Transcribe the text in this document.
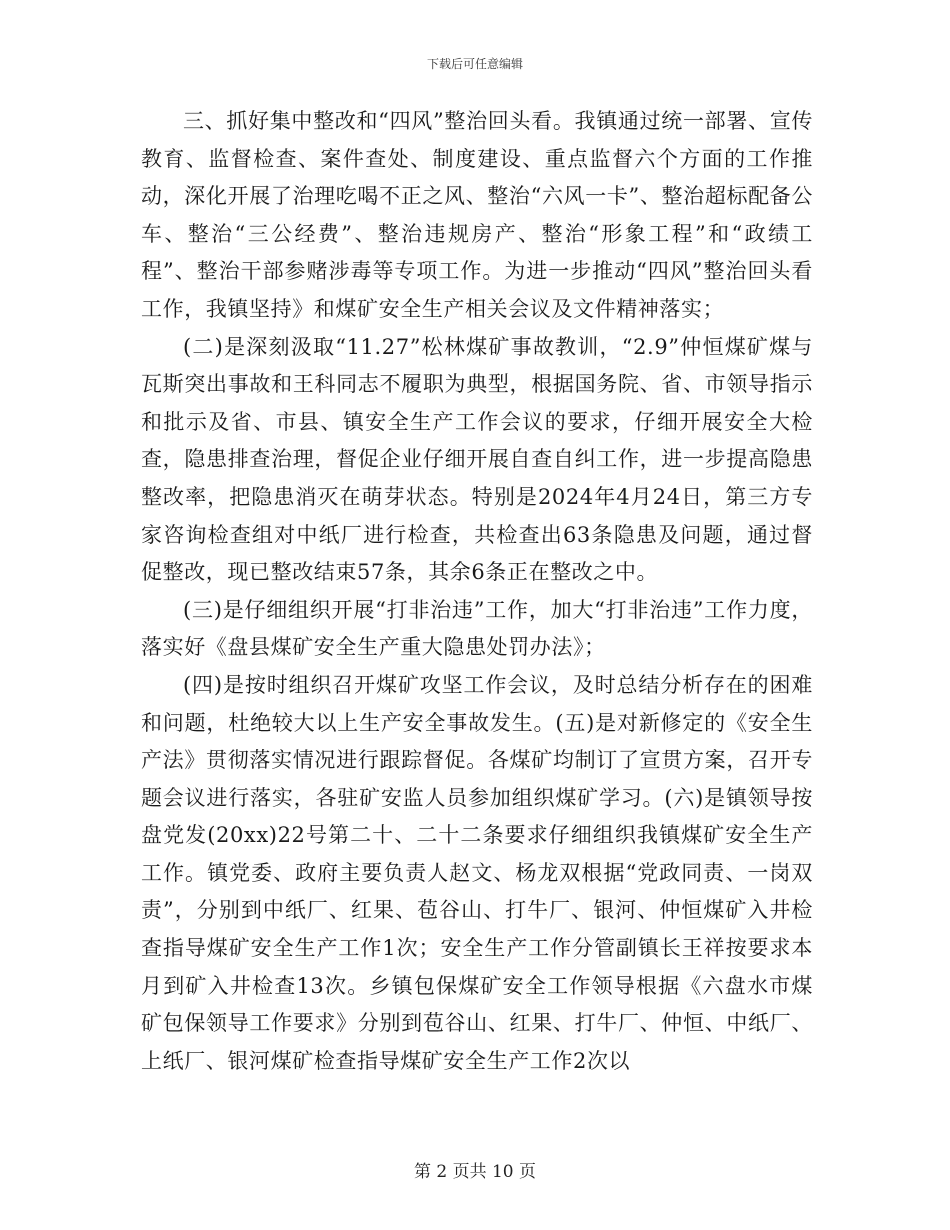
下载后可任意编辑

三、抓好集中整改和“四风”整治回头看。我镇通过统一部署、宣传教育、监督检查、案件查处、制度建设、重点监督六个方面的工作推动，深化开展了治理吃喝不正之风、整治“六风一卡”、整治超标配备公车、整治“三公经费”、整治违规房产、整治“形象工程”和“政绩工程”、整治干部参赌涉毒等专项工作。为进一步推动“四风”整治回头看工作，我镇坚持》和煤矿安全生产相关会议及文件精神落实；

(二)是深刻汲取“11.27”松林煤矿事故教训，“2.9”仲恒煤矿煤与瓦斯突出事故和王科同志不履职为典型，根据国务院、省、市领导指示和批示及省、市县、镇安全生产工作会议的要求，仔细开展安全大检查，隐患排查治理，督促企业仔细开展自查自纠工作，进一步提高隐患整改率，把隐患消灭在萌芽状态。特别是2024年4月24日，第三方专家咨询检查组对中纸厂进行检查，共检查出63条隐患及问题，通过督促整改，现已整改结束57条，其余6条正在整改之中。

(三)是仔细组织开展“打非治违”工作，加大“打非治违”工作力度，落实好《盘县煤矿安全生产重大隐患处罚办法》；

(四)是按时组织召开煤矿攻坚工作会议，及时总结分析存在的困难和问题，杜绝较大以上生产安全事故发生。(五)是对新修定的《安全生产法》贯彻落实情况进行跟踪督促。各煤矿均制订了宣贯方案，召开专题会议进行落实，各驻矿安监人员参加组织煤矿学习。(六)是镇领导按盘党发(20xx)22号第二十、二十二条要求仔细组织我镇煤矿安全生产工作。镇党委、政府主要负责人赵文、杨龙双根据“党政同责、一岗双责”，分别到中纸厂、红果、苞谷山、打牛厂、银河、仲恒煤矿入井检查指导煤矿安全生产工作1次；安全生产工作分管副镇长王祥按要求本月到矿入井检查13次。乡镇包保煤矿安全工作领导根据《六盘水市煤矿包保领导工作要求》分别到苞谷山、红果、打牛厂、仲恒、中纸厂、上纸厂、银河煤矿检查指导煤矿安全生产工作2次以

第 2 页共 10 页
